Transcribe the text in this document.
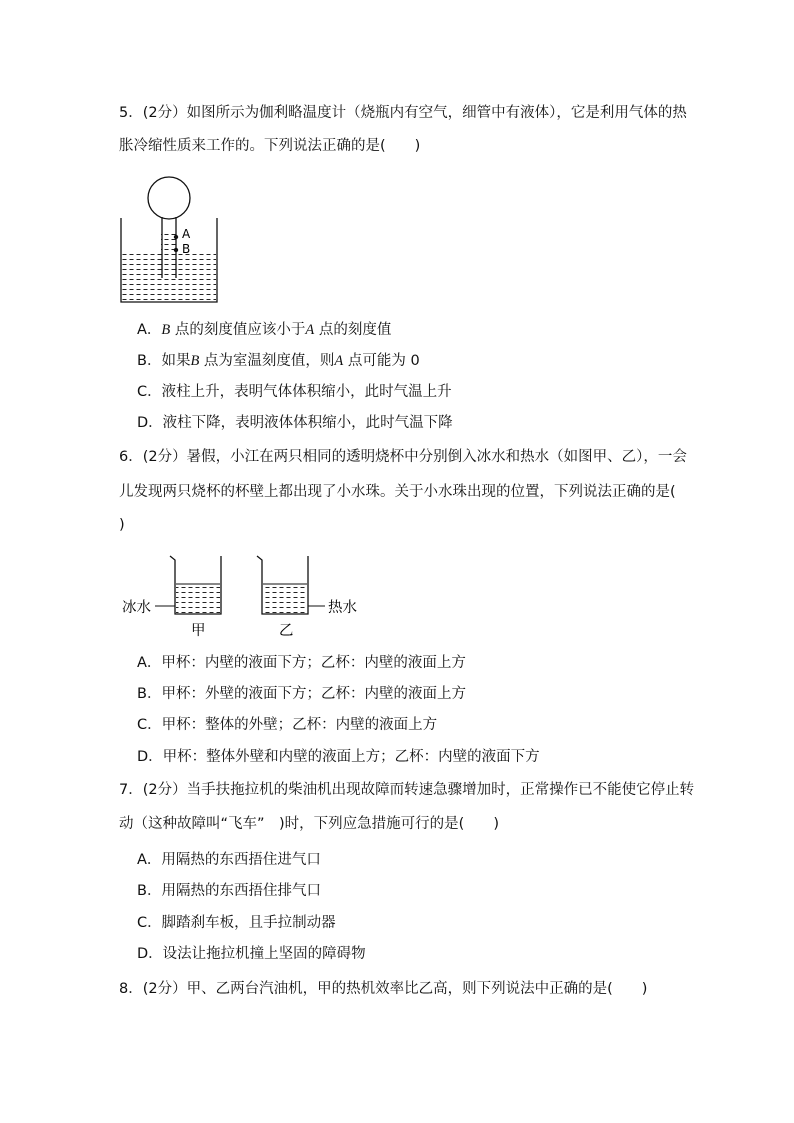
5．(2分）如图所示为伽利略温度计（烧瓶内有空气，细管中有液体），它是利用气体的热
胀冷缩性质来工作的。下列说法正确的是(　　)
A
B
A．B 点的刻度值应该小于A 点的刻度值
B．如果B 点为室温刻度值，则A 点可能为 0
C．液柱上升，表明气体体积缩小，此时气温上升
D．液柱下降，表明液体体积缩小，此时气温下降
6．(2分）暑假，小江在两只相同的透明烧杯中分别倒入冰水和热水（如图甲、乙），一会
儿发现两只烧杯的杯壁上都出现了小水珠。关于小水珠出现的位置，下列说法正确的是(
)
冰水	热水
甲	乙
A．甲杯：内壁的液面下方；乙杯：内壁的液面上方
B．甲杯：外壁的液面下方；乙杯：内壁的液面上方
C．甲杯：整体的外壁；乙杯：内壁的液面上方
D．甲杯：整体外壁和内壁的液面上方；乙杯：内壁的液面下方
7．(2分）当手扶拖拉机的柴油机出现故障而转速急骤增加时，正常操作已不能使它停止转
动（这种故障叫“飞车”　)时，下列应急措施可行的是(　　)
A．用隔热的东西捂住进气口
B．用隔热的东西捂住排气口
C．脚踏刹车板，且手拉制动器
D．设法让拖拉机撞上坚固的障碍物
8．(2分）甲、乙两台汽油机，甲的热机效率比乙高，则下列说法中正确的是(　　)
